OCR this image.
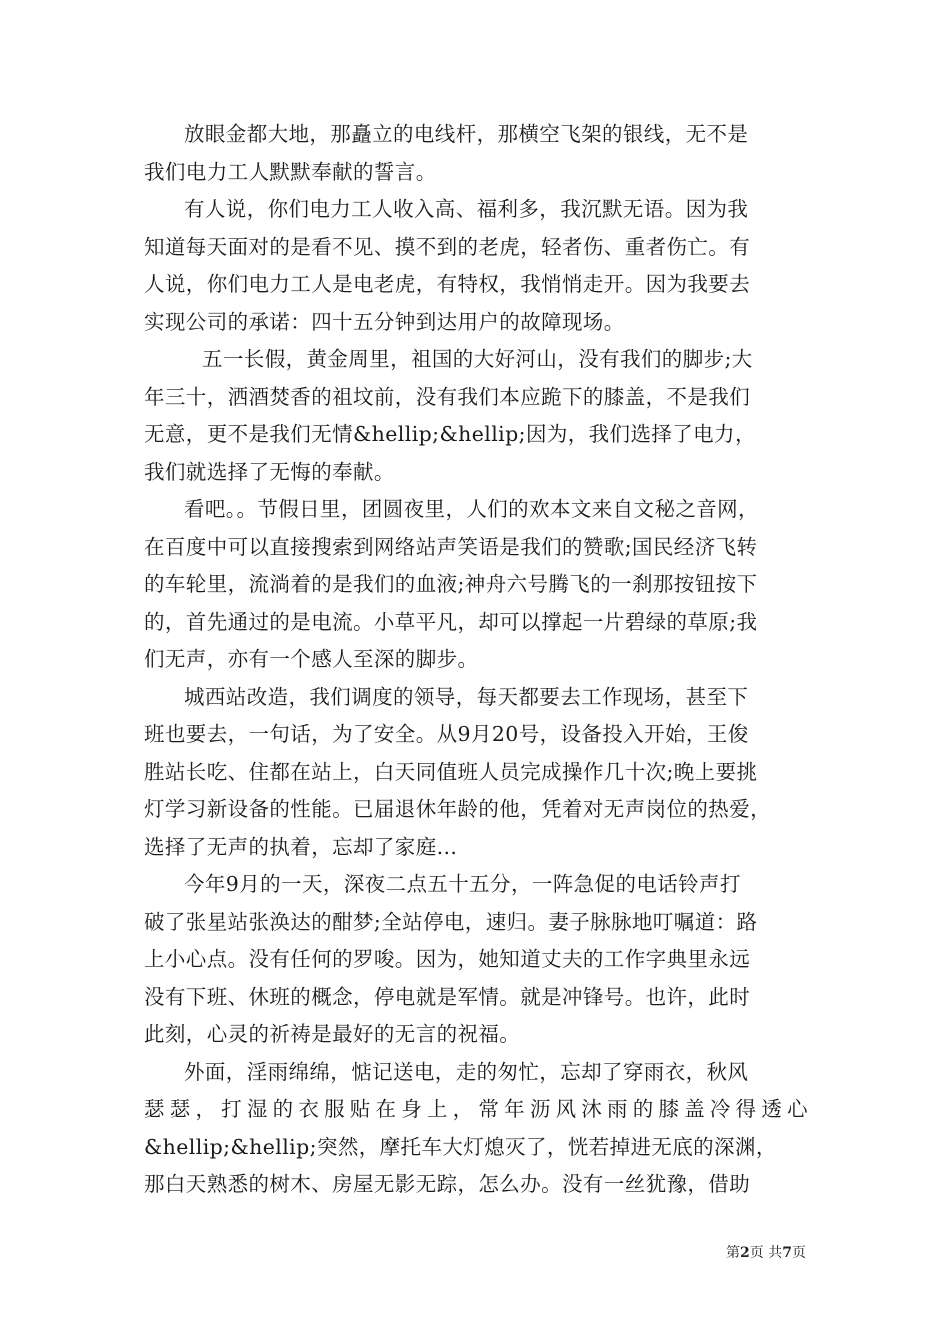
放眼金都大地，那矗立的电线杆，那横空飞架的银线，无不是
我们电力工人默默奉献的誓言。
有人说，你们电力工人收入高、福利多，我沉默无语。因为我
知道每天面对的是看不见、摸不到的老虎，轻者伤、重者伤亡。有
人说，你们电力工人是电老虎，有特权，我悄悄走开。因为我要去
实现公司的承诺：四十五分钟到达用户的故障现场。
五一长假，黄金周里，祖国的大好河山，没有我们的脚步;大
年三十，洒酒焚香的祖坟前，没有我们本应跪下的膝盖，不是我们
无意，更不是我们无情&hellip;&hellip;因为，我们选择了电力，
我们就选择了无悔的奉献。
看吧。。节假日里，团圆夜里，人们的欢本文来自文秘之音网，
在百度中可以直接搜索到网络站声笑语是我们的赞歌;国民经济飞转
的车轮里，流淌着的是我们的血液;神舟六号腾飞的一刹那按钮按下
的，首先通过的是电流。小草平凡，却可以撑起一片碧绿的草原;我
们无声，亦有一个感人至深的脚步。
城西站改造，我们调度的领导，每天都要去工作现场，甚至下
班也要去，一句话，为了安全。从9月20号，设备投入开始，王俊
胜站长吃、住都在站上，白天同值班人员完成操作几十次;晚上要挑
灯学习新设备的性能。已届退休年龄的他，凭着对无声岗位的热爱，
选择了无声的执着，忘却了家庭...
今年9月的一天，深夜二点五十五分，一阵急促的电话铃声打
破了张星站张涣达的酣梦;全站停电，速归。妻子脉脉地叮嘱道：路
上小心点。没有任何的罗唆。因为，她知道丈夫的工作字典里永远
没有下班、休班的概念，停电就是军情。就是冲锋号。也许，此时
此刻，心灵的祈祷是最好的无言的祝福。
外面，淫雨绵绵，惦记送电，走的匆忙，忘却了穿雨衣，秋风
瑟瑟，打湿的衣服贴在身上，常年沥风沐雨的膝盖冷得透心
&hellip;&hellip;突然，摩托车大灯熄灭了，恍若掉进无底的深渊，
那白天熟悉的树木、房屋无影无踪，怎么办。没有一丝犹豫，借助
第2页 共7页
